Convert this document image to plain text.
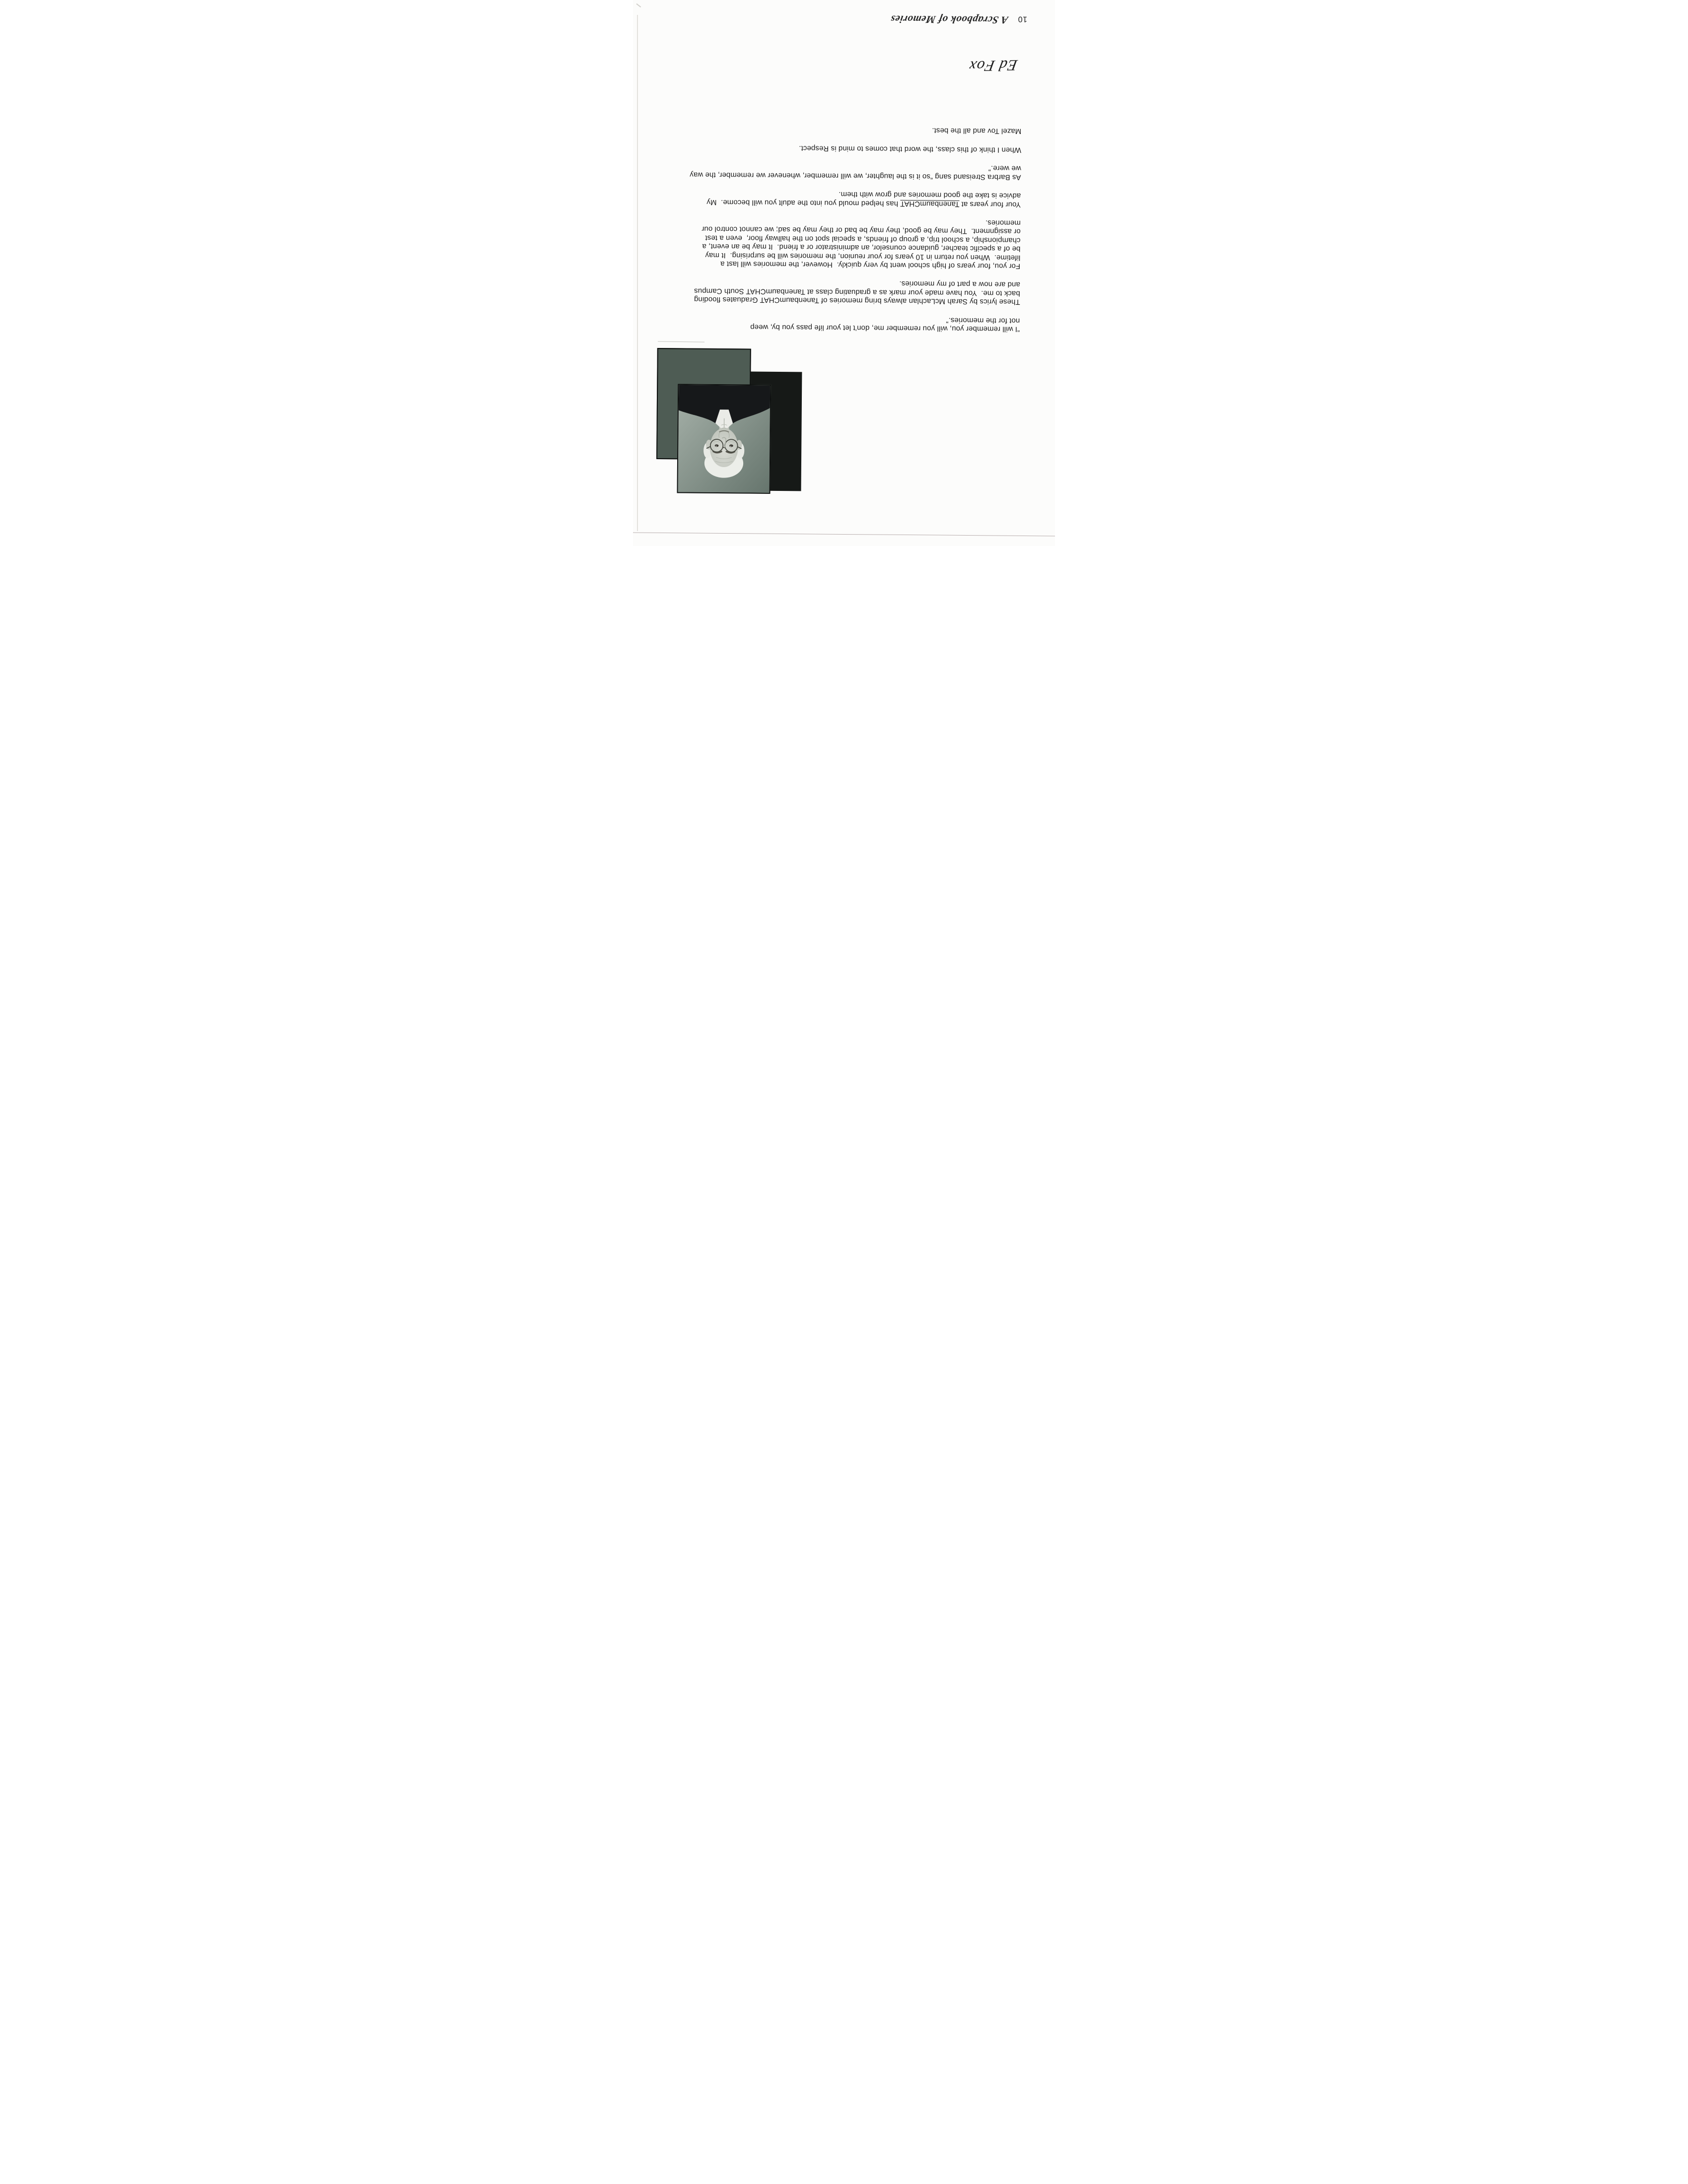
“I will remember you, will you remember me, don’t let your life pass you by, weep
not for the memories.”

These lyrics by Sarah McLachlan always bring memories of TanenbaumCHAT Graduates flooding
back to me.  You have made your mark as a graduating class at TanenbaumCHAT South Campus
and are now a part of my memories.

For you, four years of high school went by very quickly.  However, the memories will last a
lifetime.  When you return in 10 years for your reunion, the memories will be surprising.  It may
be of a specific teacher, guidance counselor, an administrator or a friend.  It may be an event, a
championship, a school trip, a group of friends, a special spot on the hallway floor,  even a test
or assignment.  They may be good, they may be bad or they may be sad; we cannot control our
memories.

Your four years at TanenbaumCHAT has helped mould you into the adult you will become.  My
advice is take the good memories and grow with them.

As Barbra Streisand sang “so it is the laughter, we will remember, whenever we remember, the way
we were.”

When I think of this class, the word that comes to mind is Respect.

Mazel Tov and all the best.

Ed Fox
10
A Scrapbook of Memories
